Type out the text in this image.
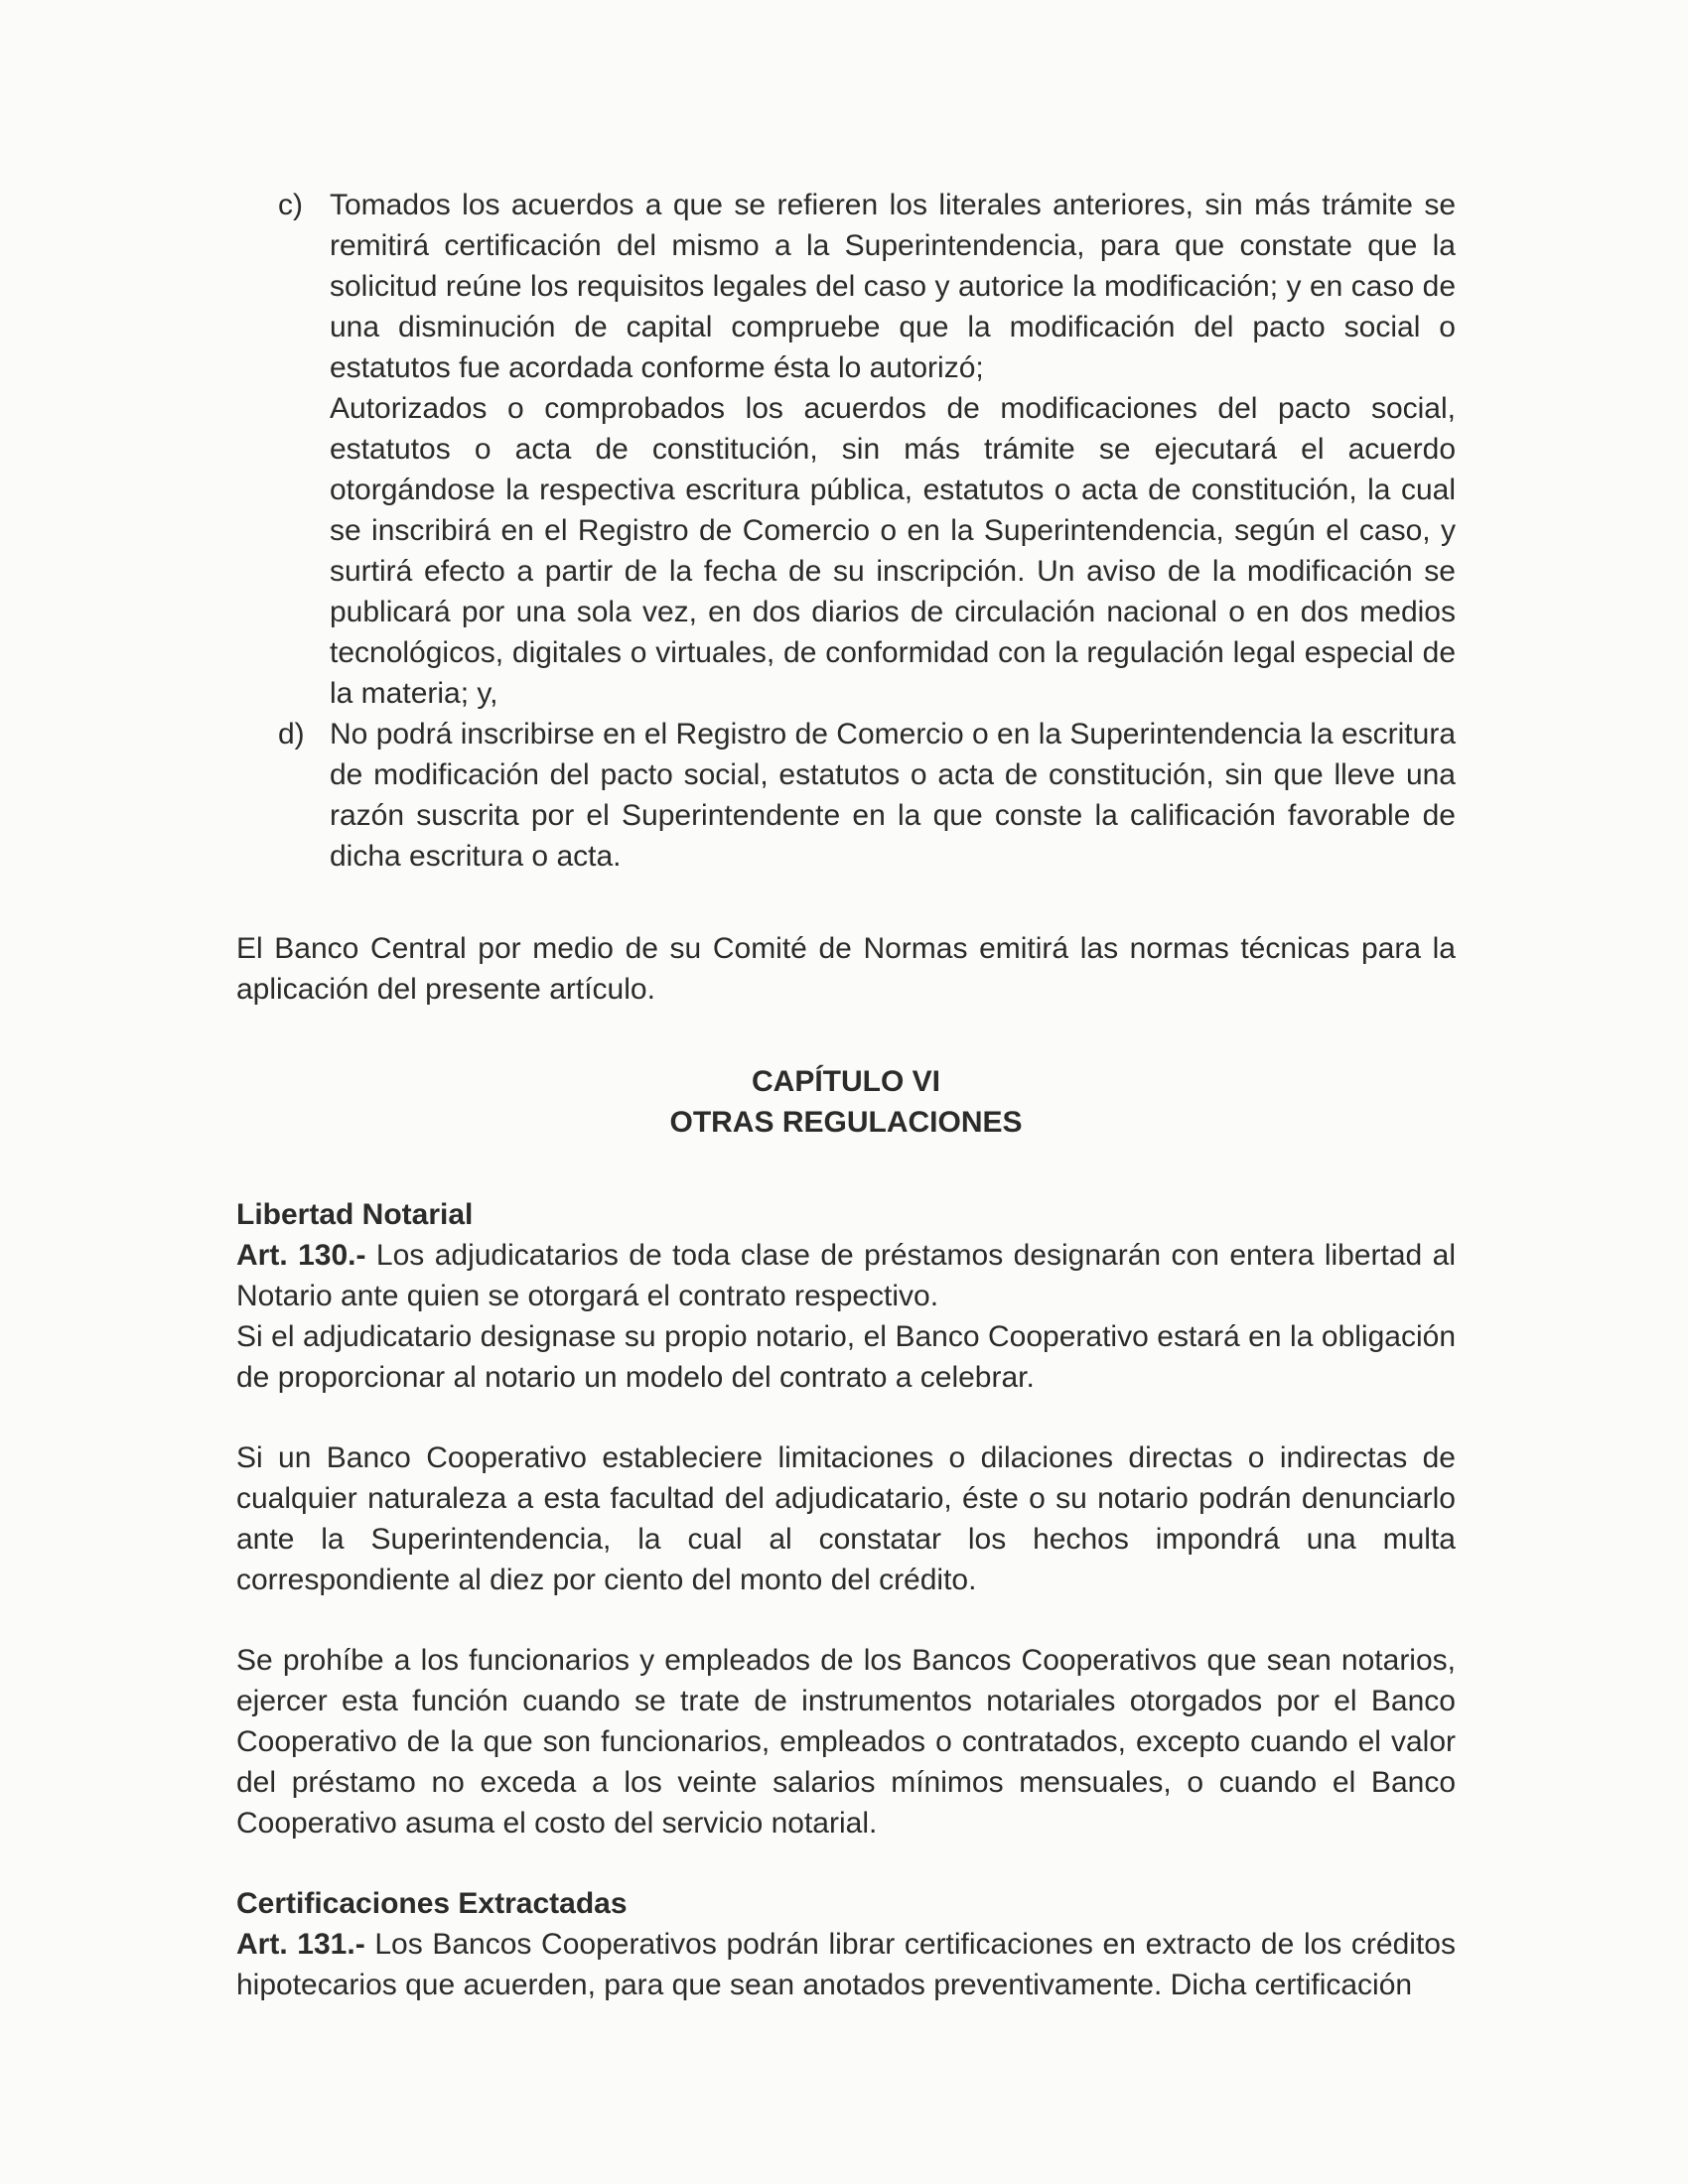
c) Tomados los acuerdos a que se refieren los literales anteriores, sin más trámite se remitirá certificación del mismo a la Superintendencia, para que constate que la solicitud reúne los requisitos legales del caso y autorice la modificación; y en caso de una disminución de capital compruebe que la modificación del pacto social o estatutos fue acordada conforme ésta lo autorizó;

Autorizados o comprobados los acuerdos de modificaciones del pacto social, estatutos o acta de constitución, sin más trámite se ejecutará el acuerdo otorgándose la respectiva escritura pública, estatutos o acta de constitución, la cual se inscribirá en el Registro de Comercio o en la Superintendencia, según el caso, y surtirá efecto a partir de la fecha de su inscripción. Un aviso de la modificación se publicará por una sola vez, en dos diarios de circulación nacional o en dos medios tecnológicos, digitales o virtuales, de conformidad con la regulación legal especial de la materia; y,

d) No podrá inscribirse en el Registro de Comercio o en la Superintendencia la escritura de modificación del pacto social, estatutos o acta de constitución, sin que lleve una razón suscrita por el Superintendente en la que conste la calificación favorable de dicha escritura o acta.

El Banco Central por medio de su Comité de Normas emitirá las normas técnicas para la aplicación del presente artículo.

CAPÍTULO VI

OTRAS REGULACIONES

Libertad Notarial

Art. 130.- Los adjudicatarios de toda clase de préstamos designarán con entera libertad al Notario ante quien se otorgará el contrato respectivo.

Si el adjudicatario designase su propio notario, el Banco Cooperativo estará en la obligación de proporcionar al notario un modelo del contrato a celebrar.

Si un Banco Cooperativo estableciere limitaciones o dilaciones directas o indirectas de cualquier naturaleza a esta facultad del adjudicatario, éste o su notario podrán denunciarlo ante la Superintendencia, la cual al constatar los hechos impondrá una multa correspondiente al diez por ciento del monto del crédito.

Se prohíbe a los funcionarios y empleados de los Bancos Cooperativos que sean notarios, ejercer esta función cuando se trate de instrumentos notariales otorgados por el Banco Cooperativo de la que son funcionarios, empleados o contratados, excepto cuando el valor del préstamo no exceda a los veinte salarios mínimos mensuales, o cuando el Banco Cooperativo asuma el costo del servicio notarial.

Certificaciones Extractadas

Art. 131.- Los Bancos Cooperativos podrán librar certificaciones en extracto de los créditos hipotecarios que acuerden, para que sean anotados preventivamente. Dicha certificación
